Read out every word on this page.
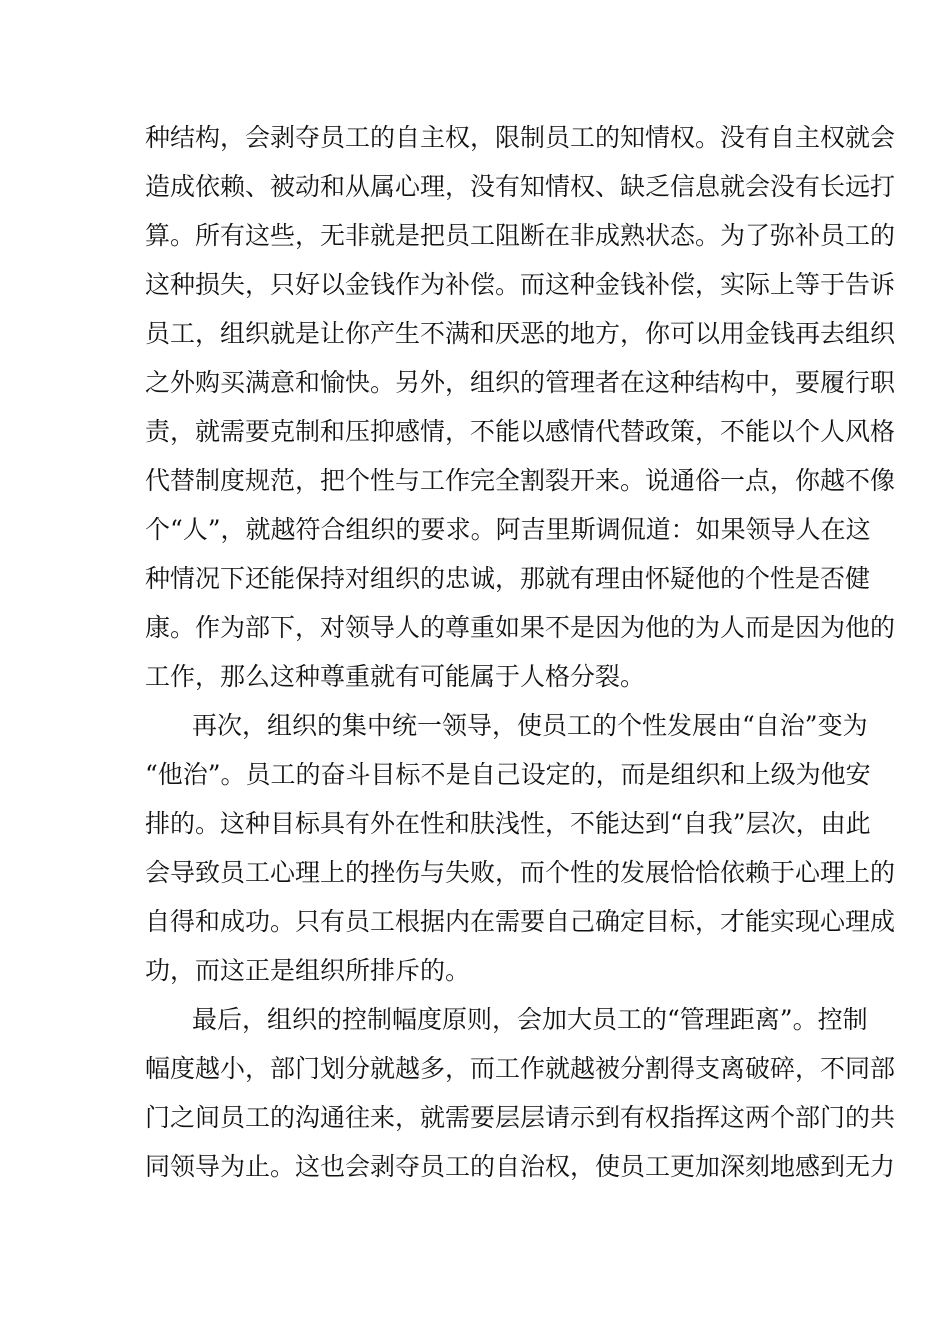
种结构，会剥夺员工的自主权，限制员工的知情权。没有自主权就会
造成依赖、被动和从属心理，没有知情权、缺乏信息就会没有长远打
算。所有这些，无非就是把员工阻断在非成熟状态。为了弥补员工的
这种损失，只好以金钱作为补偿。而这种金钱补偿，实际上等于告诉
员工，组织就是让你产生不满和厌恶的地方，你可以用金钱再去组织
之外购买满意和愉快。另外，组织的管理者在这种结构中，要履行职
责，就需要克制和压抑感情，不能以感情代替政策，不能以个人风格
代替制度规范，把个性与工作完全割裂开来。说通俗一点，你越不像
个“人”，就越符合组织的要求。阿吉里斯调侃道：如果领导人在这
种情况下还能保持对组织的忠诚，那就有理由怀疑他的个性是否健
康。作为部下，对领导人的尊重如果不是因为他的为人而是因为他的
工作，那么这种尊重就有可能属于人格分裂。
再次，组织的集中统一领导，使员工的个性发展由“自治”变为
“他治”。员工的奋斗目标不是自己设定的，而是组织和上级为他安
排的。这种目标具有外在性和肤浅性，不能达到“自我”层次，由此
会导致员工心理上的挫伤与失败，而个性的发展恰恰依赖于心理上的
自得和成功。只有员工根据内在需要自己确定目标，才能实现心理成
功，而这正是组织所排斥的。
最后，组织的控制幅度原则，会加大员工的“管理距离”。控制
幅度越小，部门划分就越多，而工作就越被分割得支离破碎，不同部
门之间员工的沟通往来，就需要层层请示到有权指挥这两个部门的共
同领导为止。这也会剥夺员工的自治权，使员工更加深刻地感到无力
